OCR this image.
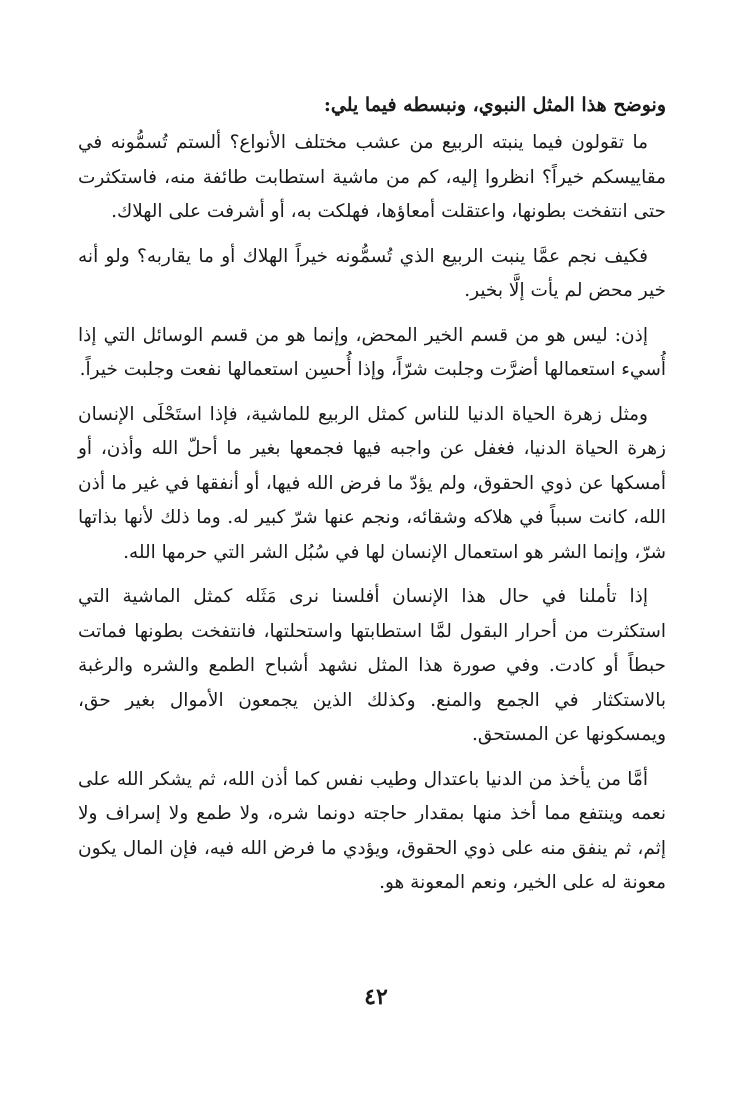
ونوضح هذا المثل النبوي، ونبسطه فيما يلي:

ما تقولون فيما ينبته الربيع من عشب مختلف الأنواع؟ ألستم تُسمُّونه في مقاييسكم خيراً؟ انظروا إليه، كم من ماشية استطابت طائفة منه، فاستكثرت حتى انتفخت بطونها، واعتقلت أمعاؤها، فهلكت به، أو أشرفت على الهلاك.

فكيف نجم عمَّا ينبت الربيع الذي تُسمُّونه خيراً الهلاك أو ما يقاربه؟ ولو أنه خير محض لم يأت إلَّا بخير.

إذن: ليس هو من قسم الخير المحض، وإنما هو من قسم الوسائل التي إذا أُسيء استعمالها أضرَّت وجلبت شرّاً، وإذا أُحسِن استعمالها نفعت وجلبت خيراً.

ومثل زهرة الحياة الدنيا للناس كمثل الربيع للماشية، فإذا استَحْلَى الإنسان زهرة الحياة الدنيا، فغفل عن واجبه فيها فجمعها بغير ما أحلّ الله وأذن، أو أمسكها عن ذوي الحقوق، ولم يؤدّ ما فرض الله فيها، أو أنفقها في غير ما أذن الله، كانت سبباً في هلاكه وشقائه، ونجم عنها شرّ كبير له. وما ذلك لأنها بذاتها شرّ، وإنما الشر هو استعمال الإنسان لها في سُبُل الشر التي حرمها الله.

إذا تأملنا في حال هذا الإنسان أفلسنا نرى مَثَله كمثل الماشية التي استكثرت من أحرار البقول لمَّا استطابتها واستحلتها، فانتفخت بطونها فماتت حبطاً أو كادت. وفي صورة هذا المثل نشهد أشباح الطمع والشره والرغبة بالاستكثار في الجمع والمنع. وكذلك الذين يجمعون الأموال بغير حق، ويمسكونها عن المستحق.

أمَّا من يأخذ من الدنيا باعتدال وطيب نفس كما أذن الله، ثم يشكر الله على نعمه وينتفع مما أخذ منها بمقدار حاجته دونما شره، ولا طمع ولا إسراف ولا إثم، ثم ينفق منه على ذوي الحقوق، ويؤدي ما فرض الله فيه، فإن المال يكون معونة له على الخير، ونعم المعونة هو.

٤٢
